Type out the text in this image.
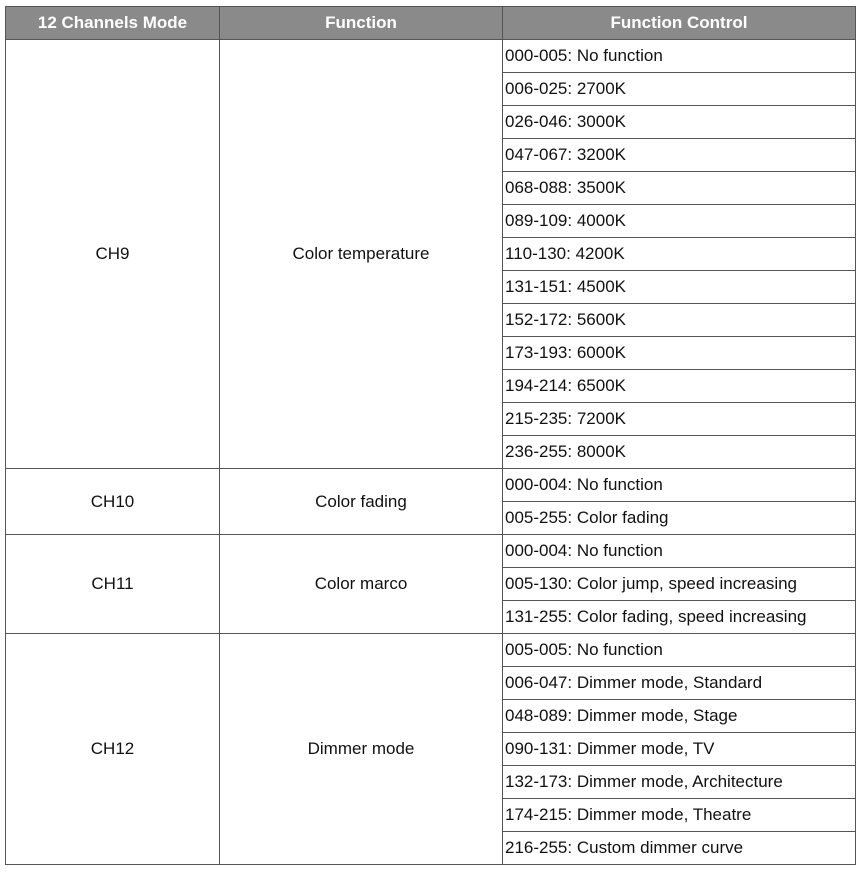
12 Channels Mode	Function	Function Control
CH9	Color temperature	000-005: No function
		006-025: 2700K
		026-046: 3000K
		047-067: 3200K
		068-088: 3500K
		089-109: 4000K
		110-130: 4200K
		131-151: 4500K
		152-172: 5600K
		173-193: 6000K
		194-214: 6500K
		215-235: 7200K
		236-255: 8000K
CH10	Color fading	000-004: No function
		005-255: Color fading
CH11	Color marco	000-004: No function
		005-130: Color jump, speed increasing
		131-255: Color fading, speed increasing
CH12	Dimmer mode	005-005: No function
		006-047: Dimmer mode, Standard
		048-089: Dimmer mode, Stage
		090-131: Dimmer mode, TV
		132-173: Dimmer mode, Architecture
		174-215: Dimmer mode, Theatre
		216-255: Custom dimmer curve
